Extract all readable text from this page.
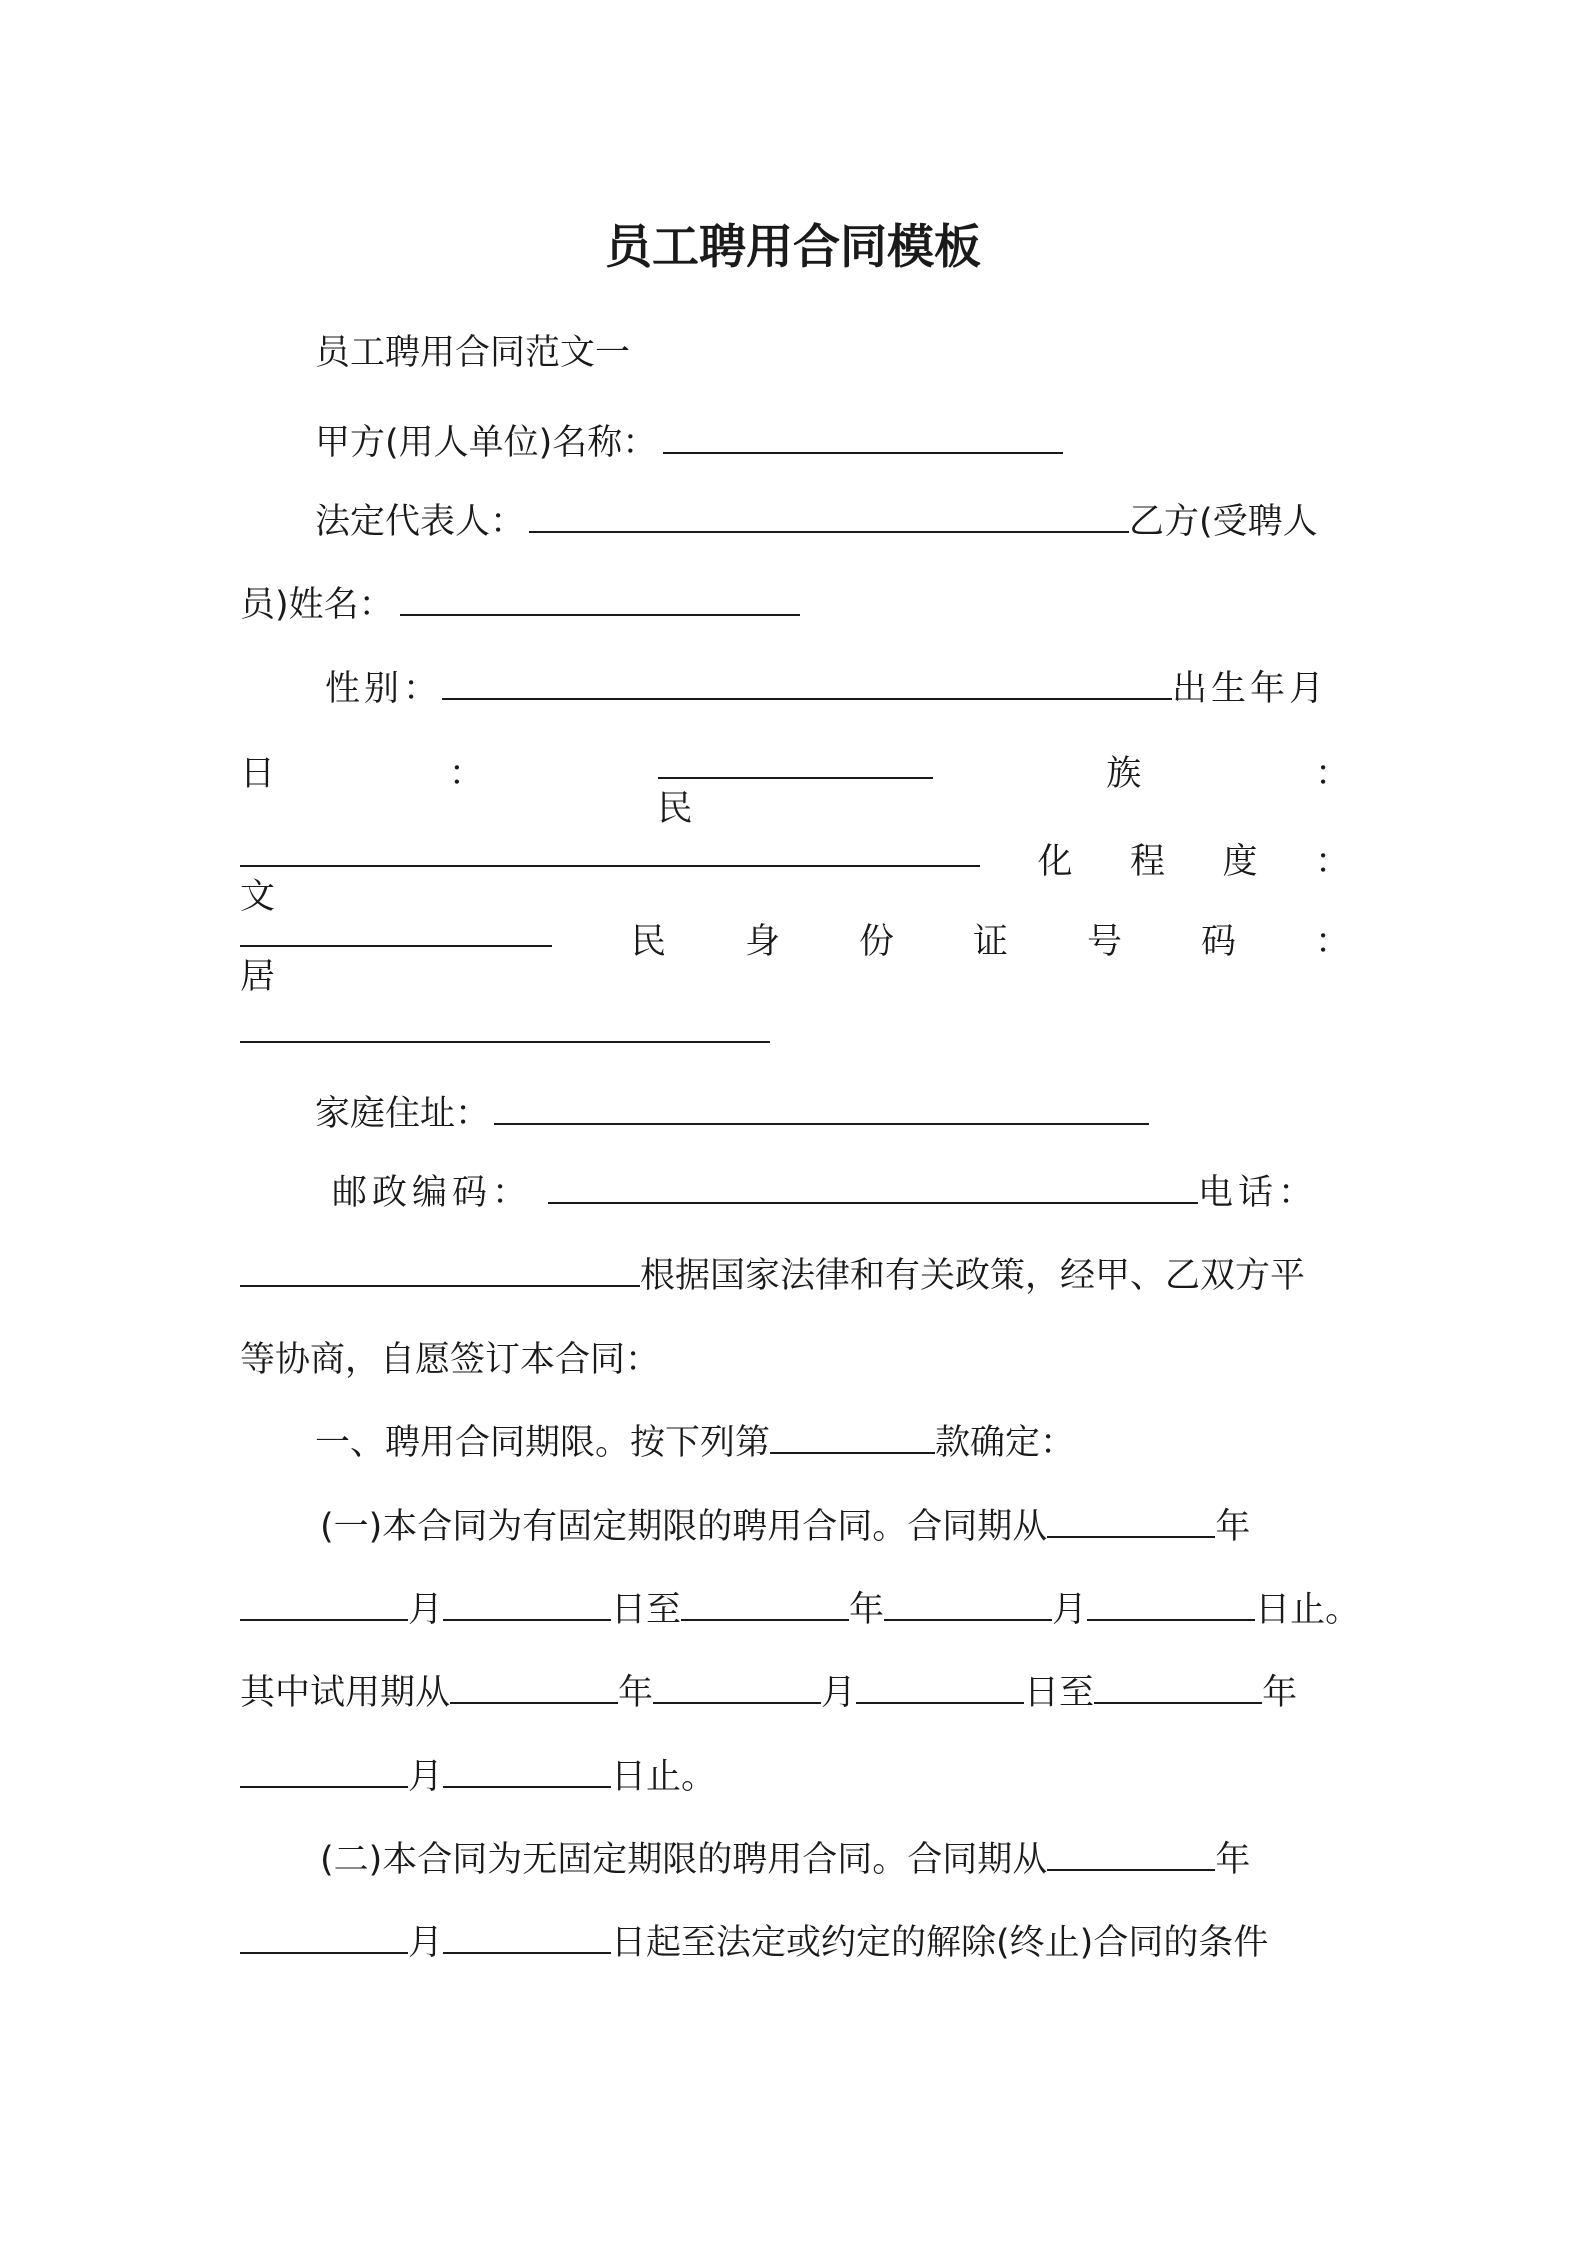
员工聘用合同模板
员工聘用合同范文一
甲方(用人单位)名称：
法定代表人：	乙方(受聘人
员)姓名：
性别：	出生年月
日	：
民
族	：
文
化 程 度 ：
居
民 身 份 证 号 码 ：
家庭住址：
邮政编码：	电话：
根据国家法律和有关政策，经甲、乙双方平
等协商，自愿签订本合同：
一、聘用合同期限。按下列第	款确定：
(一)本合同为有固定期限的聘用合同。合同期从	年
月	日至	年	月	日止。
其中试用期从	年	月	日至	年
月	日止。
(二)本合同为无固定期限的聘用合同。合同期从	年
月	日起至法定或约定的解除(终止)合同的条件
